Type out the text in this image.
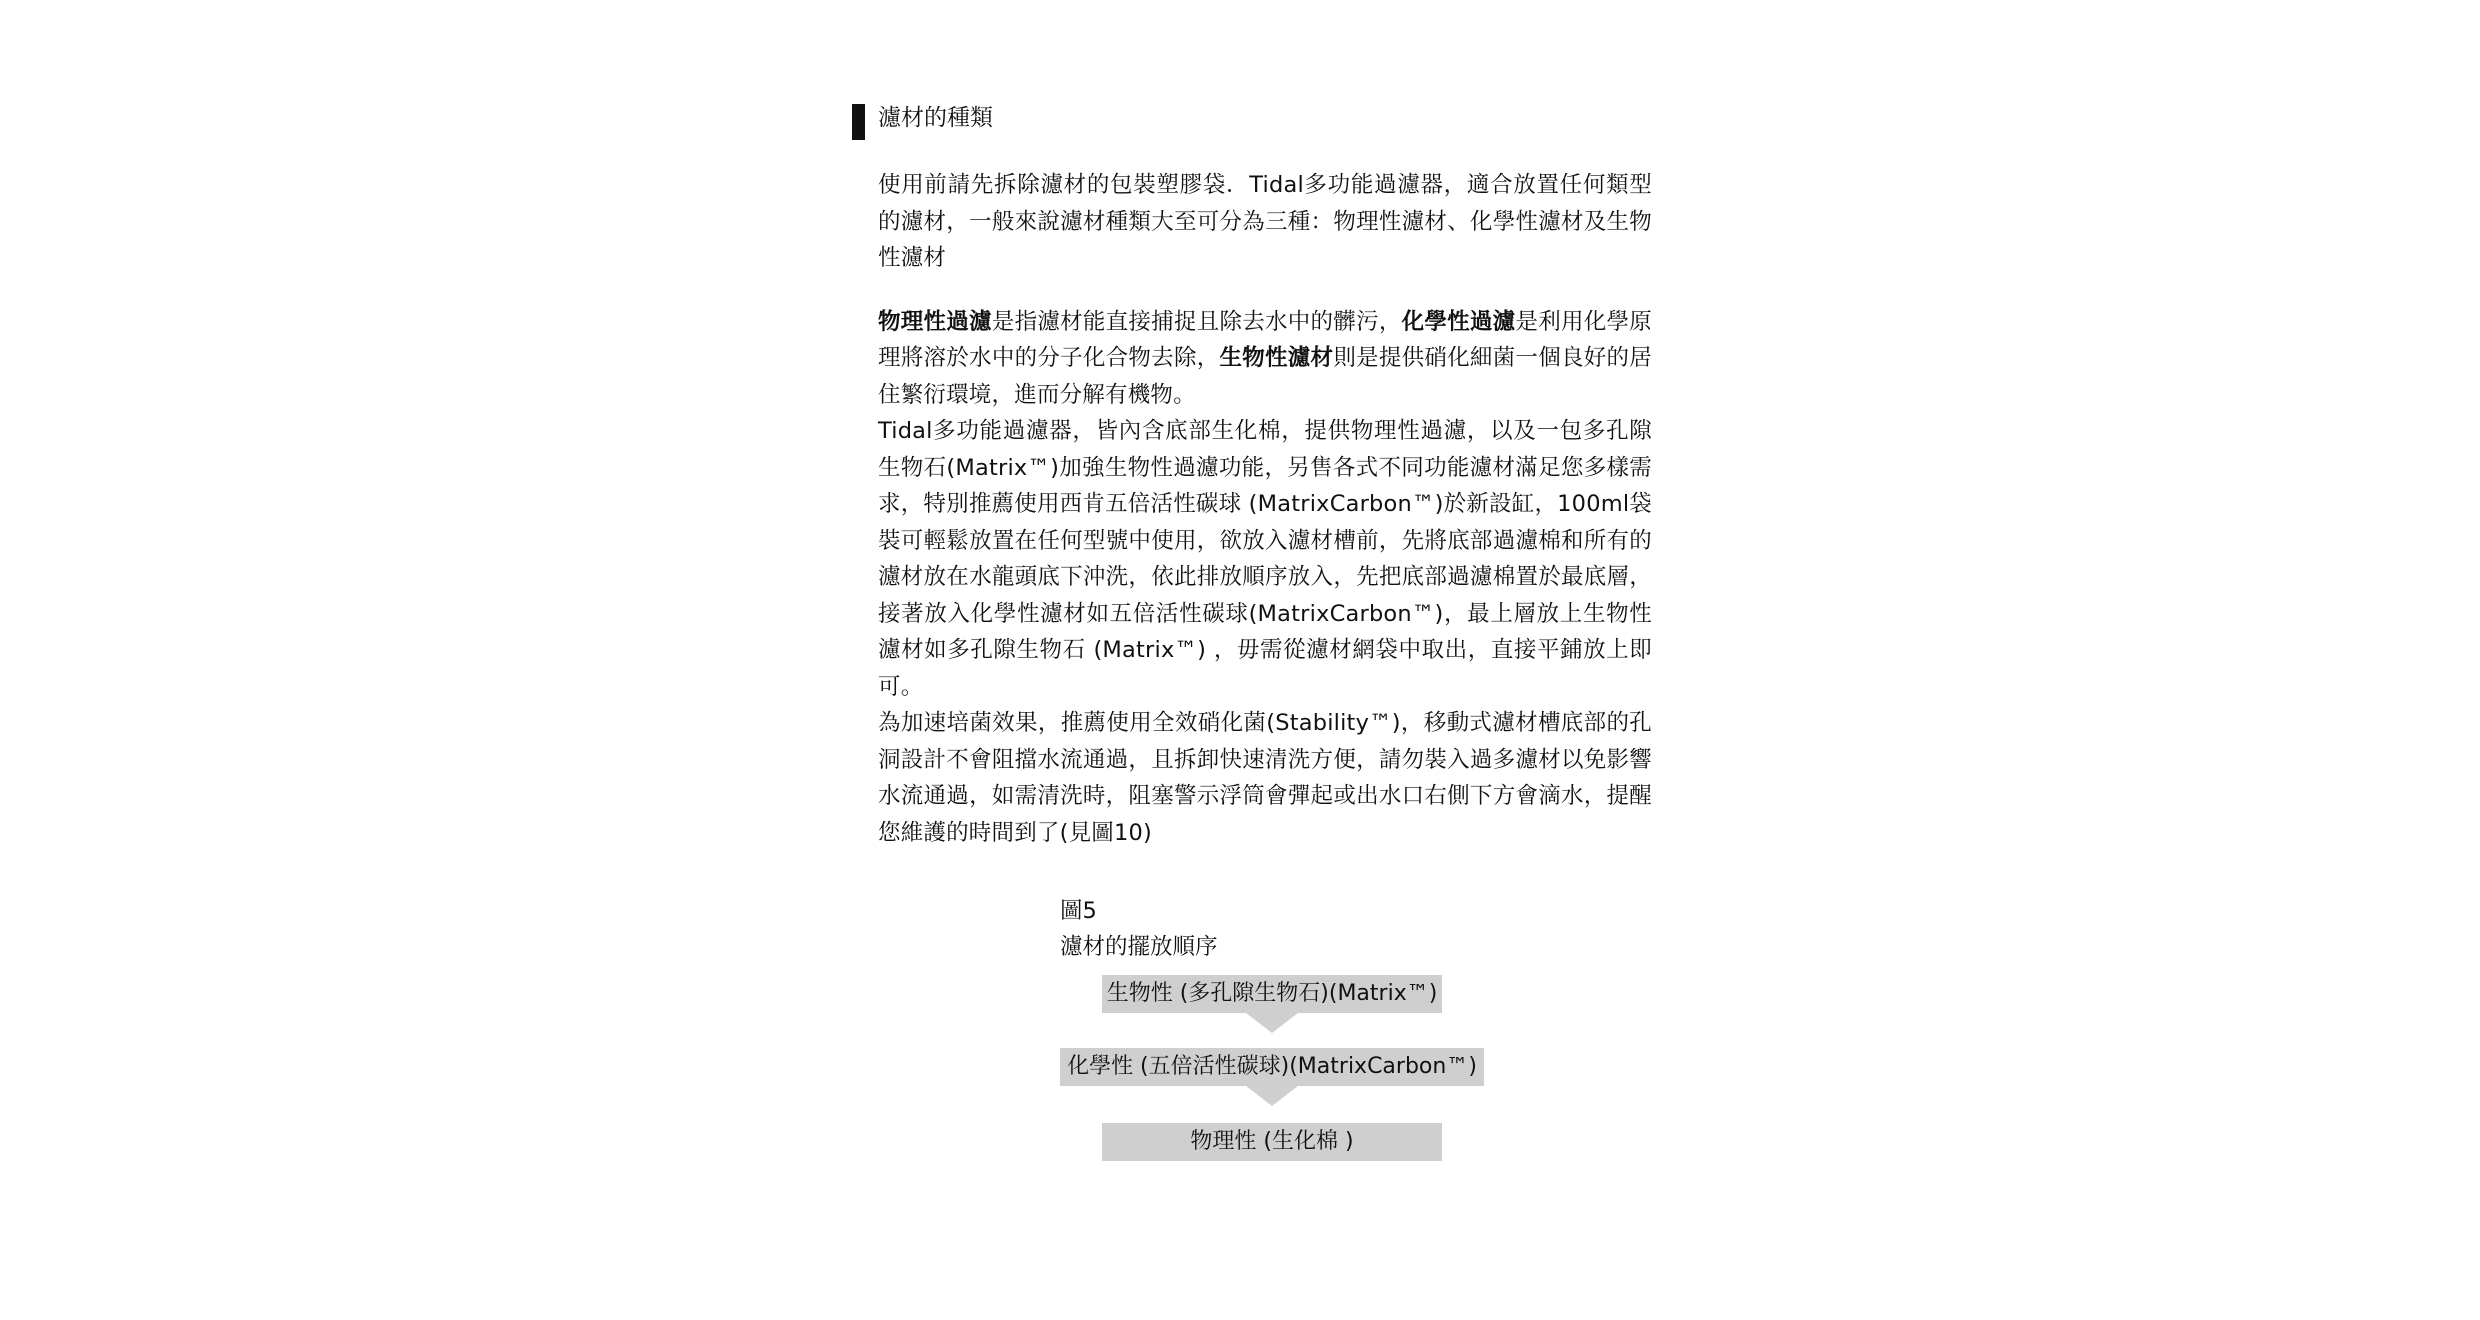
濾材的種類

使用前請先拆除濾材的包裝塑膠袋．Tidal多功能過濾器，適合放置任何類型的濾材，一般來說濾材種類大至可分為三種：物理性濾材、化學性濾材及生物性濾材

物理性過濾是指濾材能直接捕捉且除去水中的髒污，化學性過濾是利用化學原理將溶於水中的分子化合物去除，生物性濾材則是提供硝化細菌一個良好的居住繁衍環境，進而分解有機物。

Tidal多功能過濾器，皆內含底部生化棉，提供物理性過濾，以及一包多孔隙生物石(Matrix™)加強生物性過濾功能，另售各式不同功能濾材滿足您多樣需求，特別推薦使用西肯五倍活性碳球 (MatrixCarbon™)於新設缸，100ml袋裝可輕鬆放置在任何型號中使用，欲放入濾材槽前，先將底部過濾棉和所有的濾材放在水龍頭底下沖洗，依此排放順序放入，先把底部過濾棉置於最底層，接著放入化學性濾材如五倍活性碳球(MatrixCarbon™)，最上層放上生物性濾材如多孔隙生物石 (Matrix™) ，毋需從濾材網袋中取出，直接平鋪放上即可。

為加速培菌效果，推薦使用全效硝化菌(Stability™)，移動式濾材槽底部的孔洞設計不會阻擋水流通過，且拆卸快速清洗方便，請勿裝入過多濾材以免影響水流通過，如需清洗時，阻塞警示浮筒會彈起或出水口右側下方會滴水，提醒您維護的時間到了(見圖10)

圖5
濾材的擺放順序
生物性 (多孔隙生物石)(Matrix™)
化學性 (五倍活性碳球)(MatrixCarbon™)
物理性 (生化棉 )
